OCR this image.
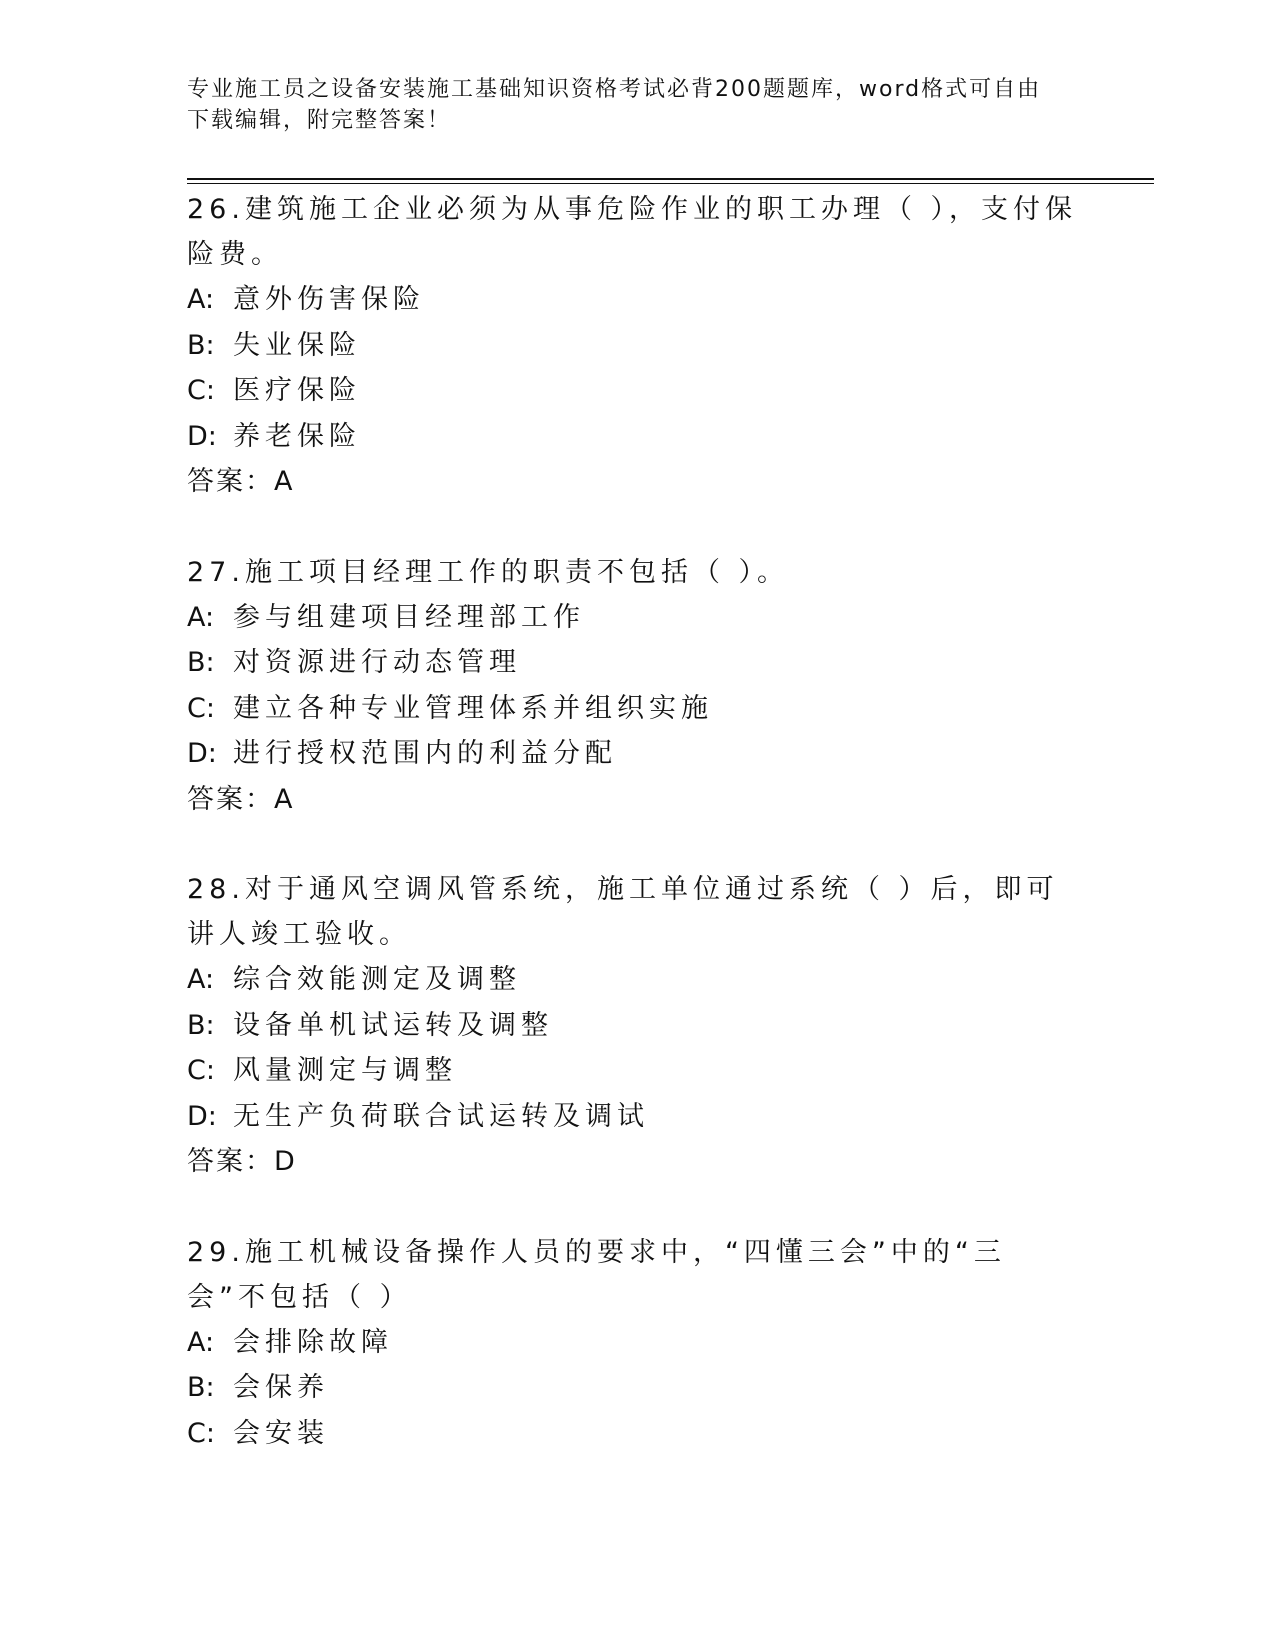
专业施工员之设备安装施工基础知识资格考试必背200题题库，word格式可自由
下载编辑，附完整答案！
26.建筑施工企业必须为从事危险作业的职工办理（ ），支付保险费。
A: 意外伤害保险
B: 失业保险
C: 医疗保险
D: 养老保险
答案：A
27.施工项目经理工作的职责不包括（ ）。
A: 参与组建项目经理部工作
B: 对资源进行动态管理
C: 建立各种专业管理体系并组织实施
D: 进行授权范围内的利益分配
答案：A
28.对于通风空调风管系统，施工单位通过系统（ ）后，即可讲人竣工验收。
A: 综合效能测定及调整
B: 设备单机试运转及调整
C: 风量测定与调整
D: 无生产负荷联合试运转及调试
答案：D
29.施工机械设备操作人员的要求中，“四懂三会”中的“三会”不包括（ ）
A: 会排除故障
B: 会保养
C: 会安装
